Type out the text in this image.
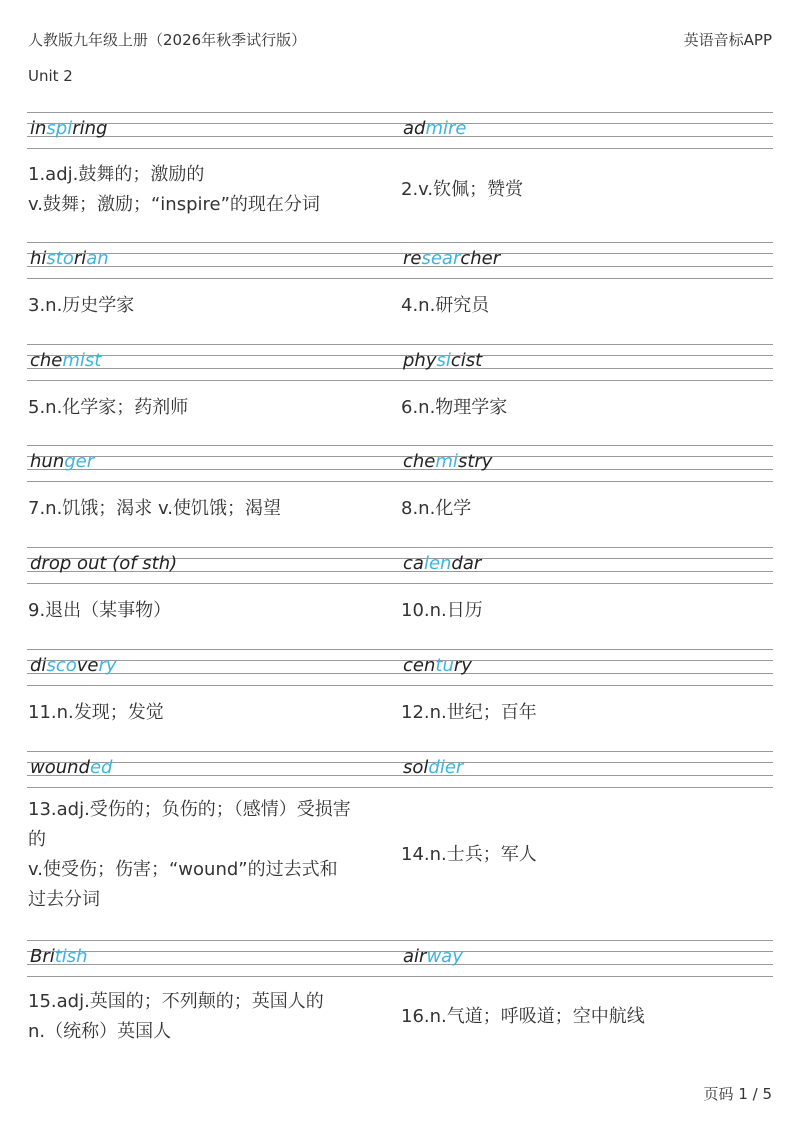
人教版九年级上册（2026年秋季试行版）	英语音标APP
Unit 2
inspiring
1.adj.鼓舞的；激励的
v.鼓舞；激励；“inspire”的现在分词
admire
2.v.钦佩；赞赏
historian
3.n.历史学家
researcher
4.n.研究员
chemist
5.n.化学家；药剂师
physicist
6.n.物理学家
hunger
7.n.饥饿；渴求 v.使饥饿；渴望
chemistry
8.n.化学
drop out (of sth)
9.退出（某事物）
calendar
10.n.日历
discovery
11.n.发现；发觉
century
12.n.世纪；百年
wounded
13.adj.受伤的；负伤的；（感情）受损害
的
v.使受伤；伤害；“wound”的过去式和
过去分词
soldier
14.n.士兵；军人
British
15.adj.英国的；不列颠的；英国人的
n.（统称）英国人
airway
16.n.气道；呼吸道；空中航线
页码 1 / 5
